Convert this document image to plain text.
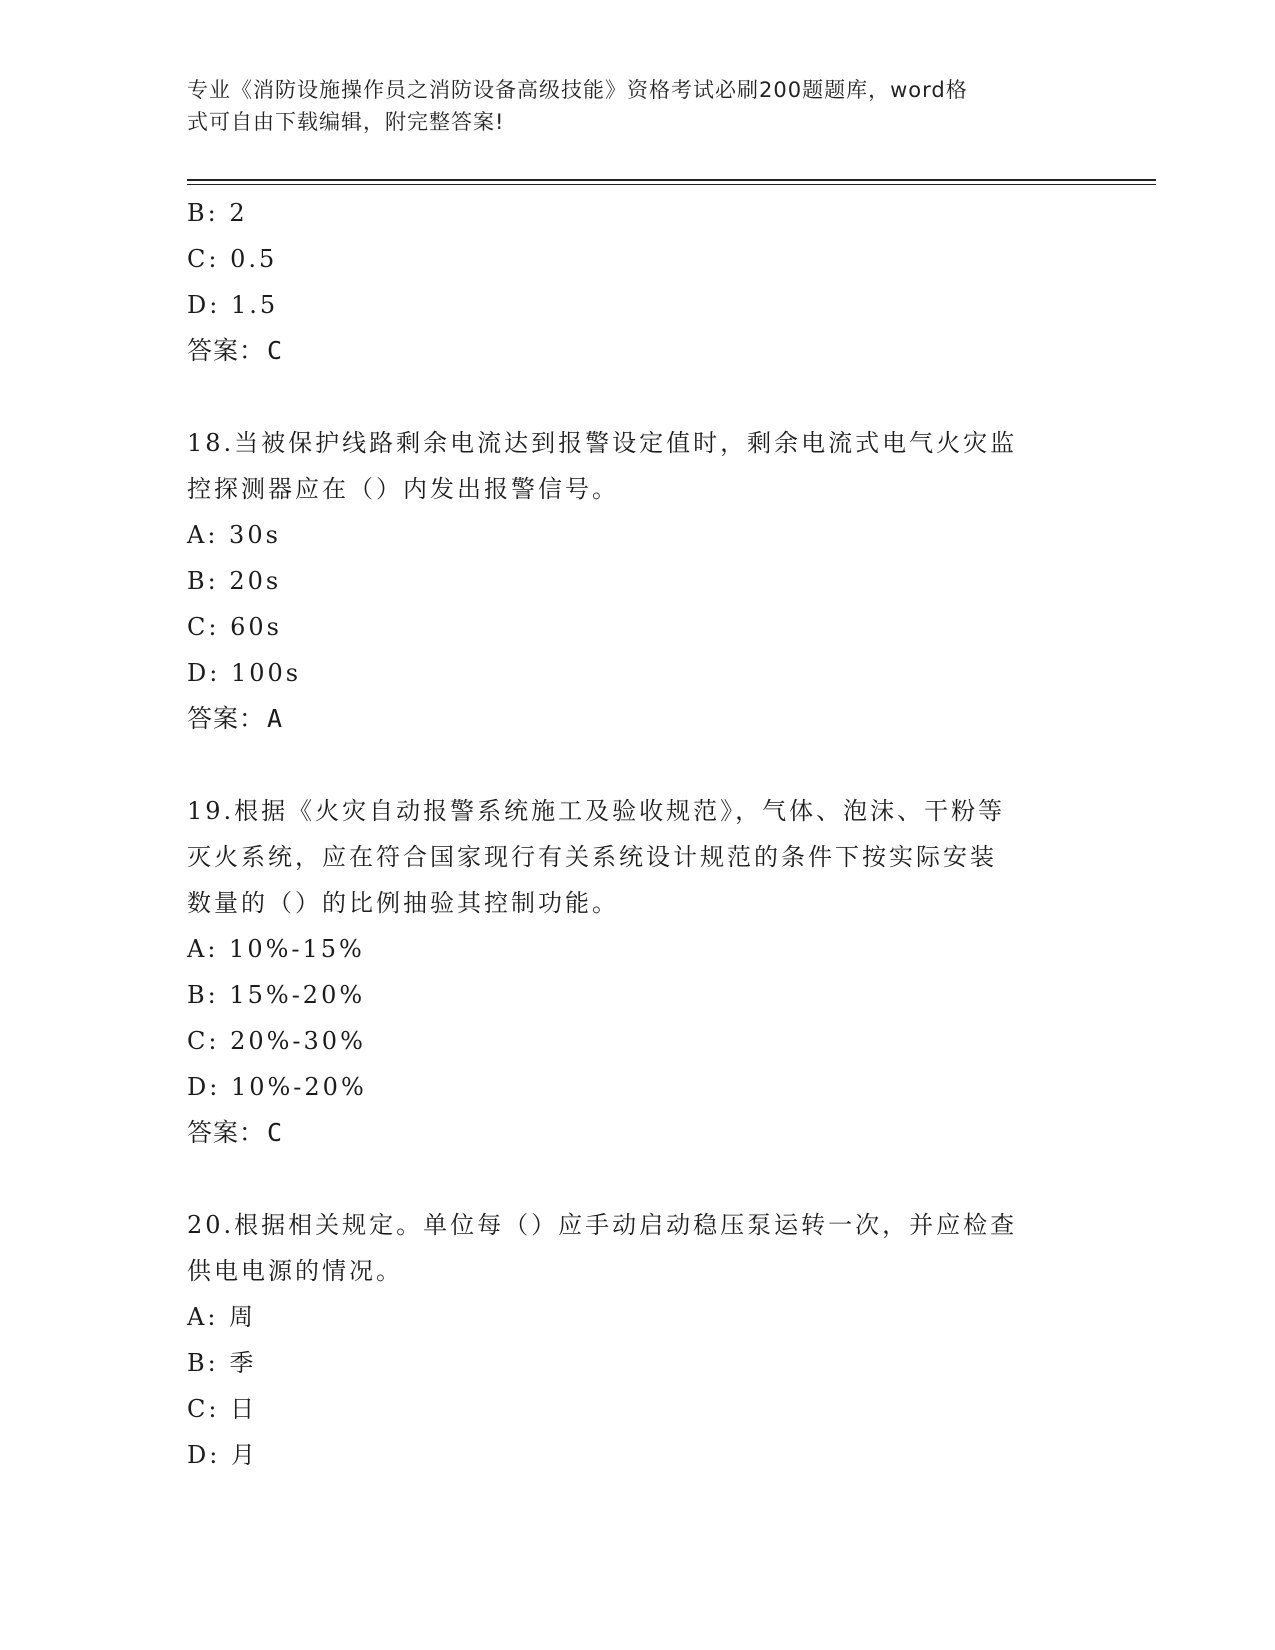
专业《消防设施操作员之消防设备高级技能》资格考试必刷200题题库，word格
式可自由下载编辑，附完整答案!
B: 2
C: 0.5
D: 1.5
答案：C
18.当被保护线路剩余电流达到报警设定值时，剩余电流式电气火灾监
控探测器应在（）内发出报警信号。
A: 30s
B: 20s
C: 60s
D: 100s
答案：A
19.根据《火灾自动报警系统施工及验收规范》，气体、泡沫、干粉等
灭火系统，应在符合国家现行有关系统设计规范的条件下按实际安装
数量的（）的比例抽验其控制功能。
A: 10%-15%
B: 15%-20%
C: 20%-30%
D: 10%-20%
答案：C
20.根据相关规定。单位每（）应手动启动稳压泵运转一次，并应检查
供电电源的情况。
A: 周
B: 季
C: 日
D: 月
